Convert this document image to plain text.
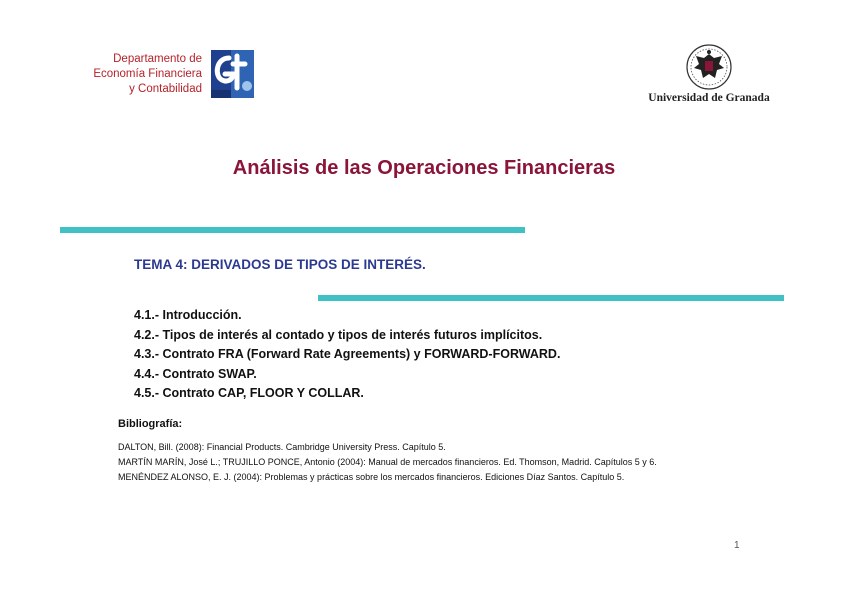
Departamento de
Economía Financiera
y Contabilidad
Universidad de Granada
Análisis de las Operaciones Financieras
TEMA 4: DERIVADOS DE TIPOS DE INTERÉS.
4.1.- Introducción.
4.2.- Tipos de interés al contado y tipos de interés futuros implícitos.
4.3.- Contrato FRA (Forward Rate Agreements) y FORWARD-FORWARD.
4.4.- Contrato SWAP.
4.5.- Contrato CAP, FLOOR Y COLLAR.
Bibliografía:
DALTON, Bill. (2008): Financial Products. Cambridge University Press. Capítulo 5.
MARTÍN MARÍN, José L.; TRUJILLO PONCE, Antonio (2004): Manual de mercados financieros. Ed. Thomson, Madrid. Capítulos 5 y 6.
MENÉNDEZ ALONSO, E. J. (2004): Problemas y prácticas sobre los mercados financieros. Ediciones Díaz Santos. Capítulo 5.
1
